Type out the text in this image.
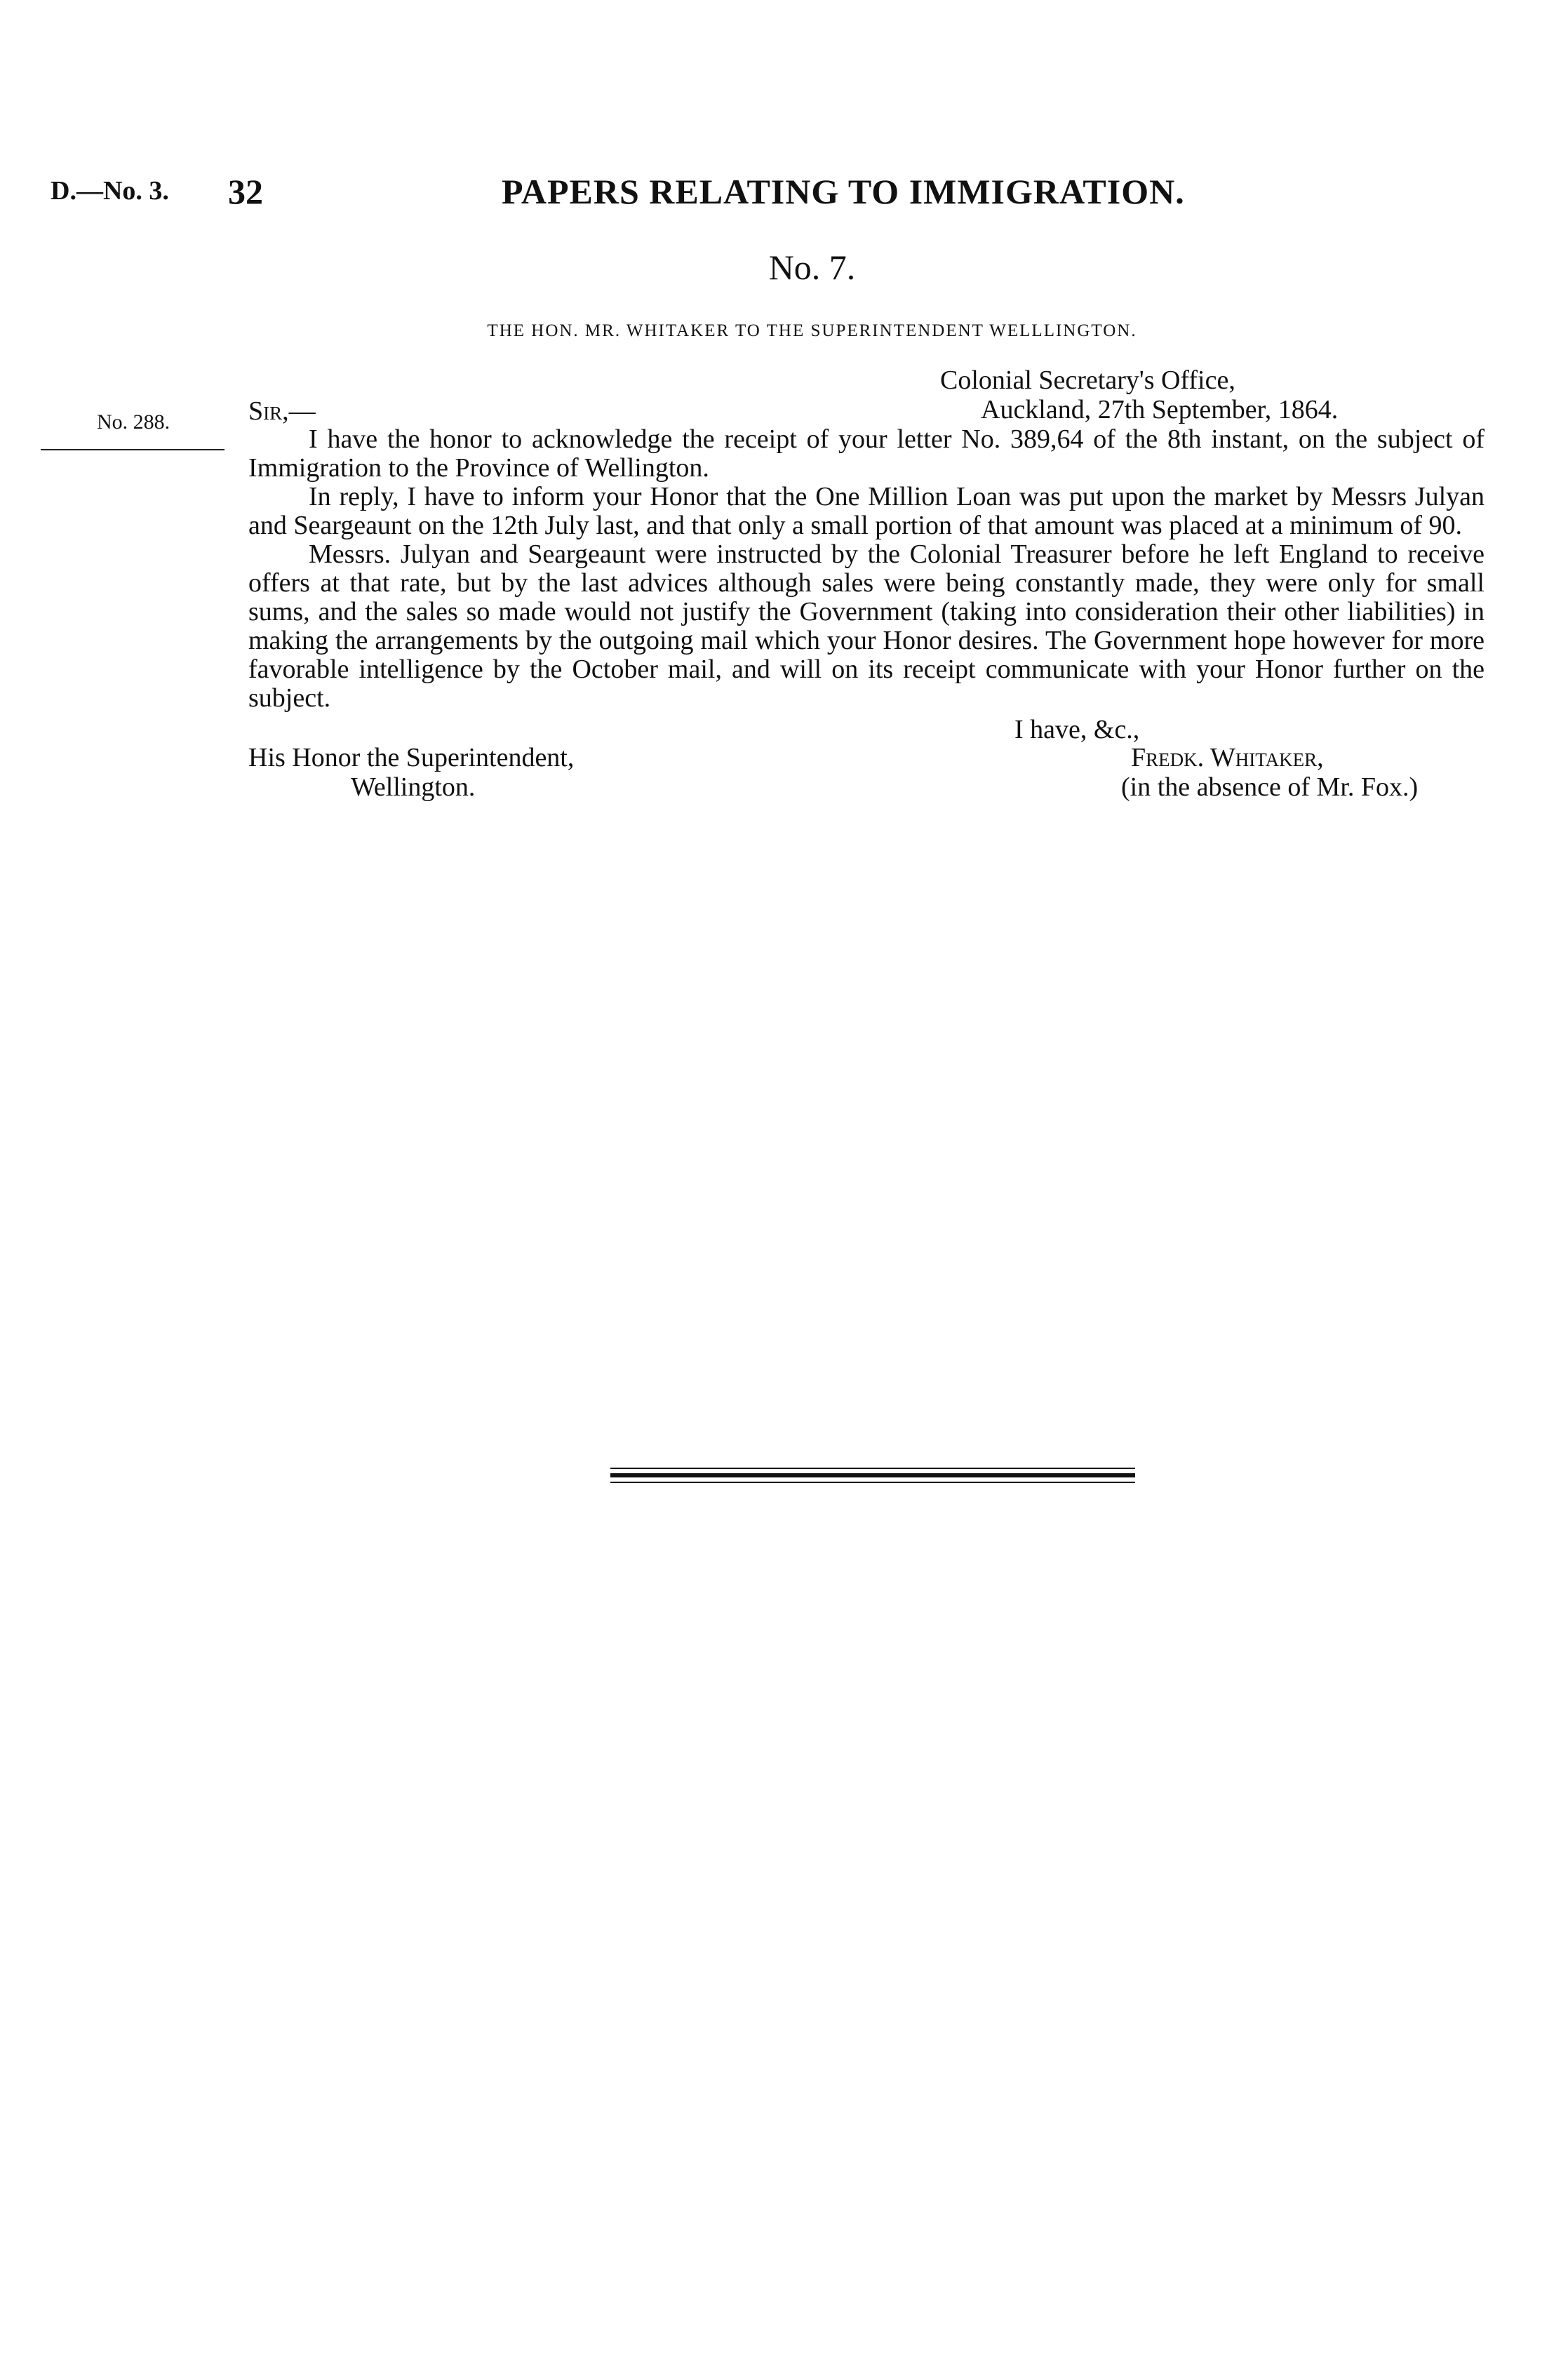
D.—No. 3. 32	PAPERS RELATING TO IMMIGRATION.
No. 7.
THE HON. MR. WHITAKER TO THE SUPERINTENDENT WELLLINGTON.
No. 288.
Colonial Secretary's Office,
Auckland, 27th September, 1864.
Sir,—

I have the honor to acknowledge the receipt of your letter No. 389,64 of the 8th instant, on the subject of Immigration to the Province of Wellington.

In reply, I have to inform your Honor that the One Million Loan was put upon the market by Messrs Julyan and Seargeaunt on the 12th July last, and that only a small portion of that amount was placed at a minimum of 90.

Messrs. Julyan and Seargeaunt were instructed by the Colonial Treasurer before he left England to receive offers at that rate, but by the last advices although sales were being constantly made, they were only for small sums, and the sales so made would not justify the Government (taking into consideration their other liabilities) in making the arrangements by the outgoing mail which your Honor desires. The Government hope however for more favorable intelligence by the October mail, and will on its receipt communicate with your Honor further on the subject.

I have, &c.,
His Honor the Superintendent,
Wellington.
Fredk. Whitaker,
(in the absence of Mr. Fox.)
